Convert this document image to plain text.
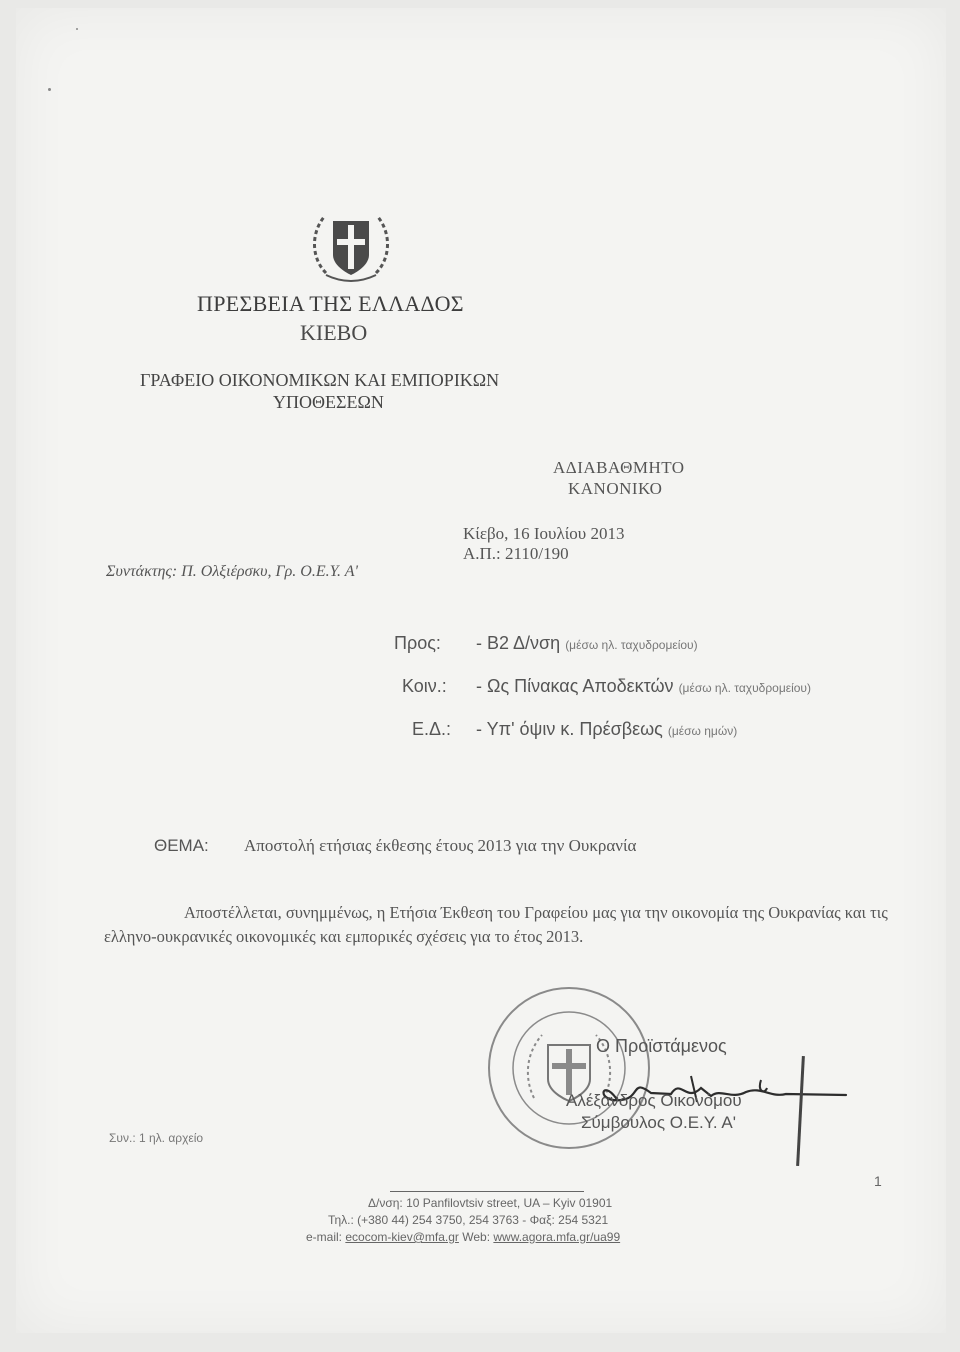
ΠΡΕΣΒΕΙΑ ΤΗΣ ΕΛΛΑΔΟΣ
ΚΙΕΒΟ
ΓΡΑΦΕΙΟ ΟΙΚΟΝΟΜΙΚΩΝ ΚΑΙ ΕΜΠΟΡΙΚΩΝ
ΥΠΟΘΕΣΕΩΝ
ΑΔΙΑΒΑΘΜΗΤΟ
ΚΑΝΟΝΙΚΟ
Κίεβο, 16 Ιουλίου 2013
Α.Π.: 2110/190
Συντάκτης: Π. Ολξιέρσκυ, Γρ. Ο.Ε.Υ. Α'
Προς: - Β2 Δ/νση (μέσω ηλ. ταχυδρομείου)
Κοιν.: - Ως Πίνακας Αποδεκτών (μέσω ηλ. ταχυδρομείου)
Ε.Δ.: - Υπ' όψιν κ. Πρέσβεως (μέσω ημών)
ΘΕΜΑ: Αποστολή ετήσιας έκθεσης έτους 2013 για την Ουκρανία
Αποστέλλεται, συνημμένως, η Ετήσια Έκθεση του Γραφείου μας για την οικονομία της Ουκρανίας και τις ελληνο-ουκρανικές οικονομικές και εμπορικές σχέσεις για το έτος 2013.
Ο Προϊστάμενος
Αλέξανδρος Οικονόμου
Σύμβουλος Ο.Ε.Υ. Α'
Συν.: 1 ηλ. αρχείο
Δ/νση: 10 Panfilovtsiv street, UA – Kyiv 01901
Τηλ.: (+380 44) 254 3750, 254 3763 - Φαξ: 254 5321
e-mail: ecocom-kiev@mfa.gr Web: www.agora.mfa.gr/ua99
1
